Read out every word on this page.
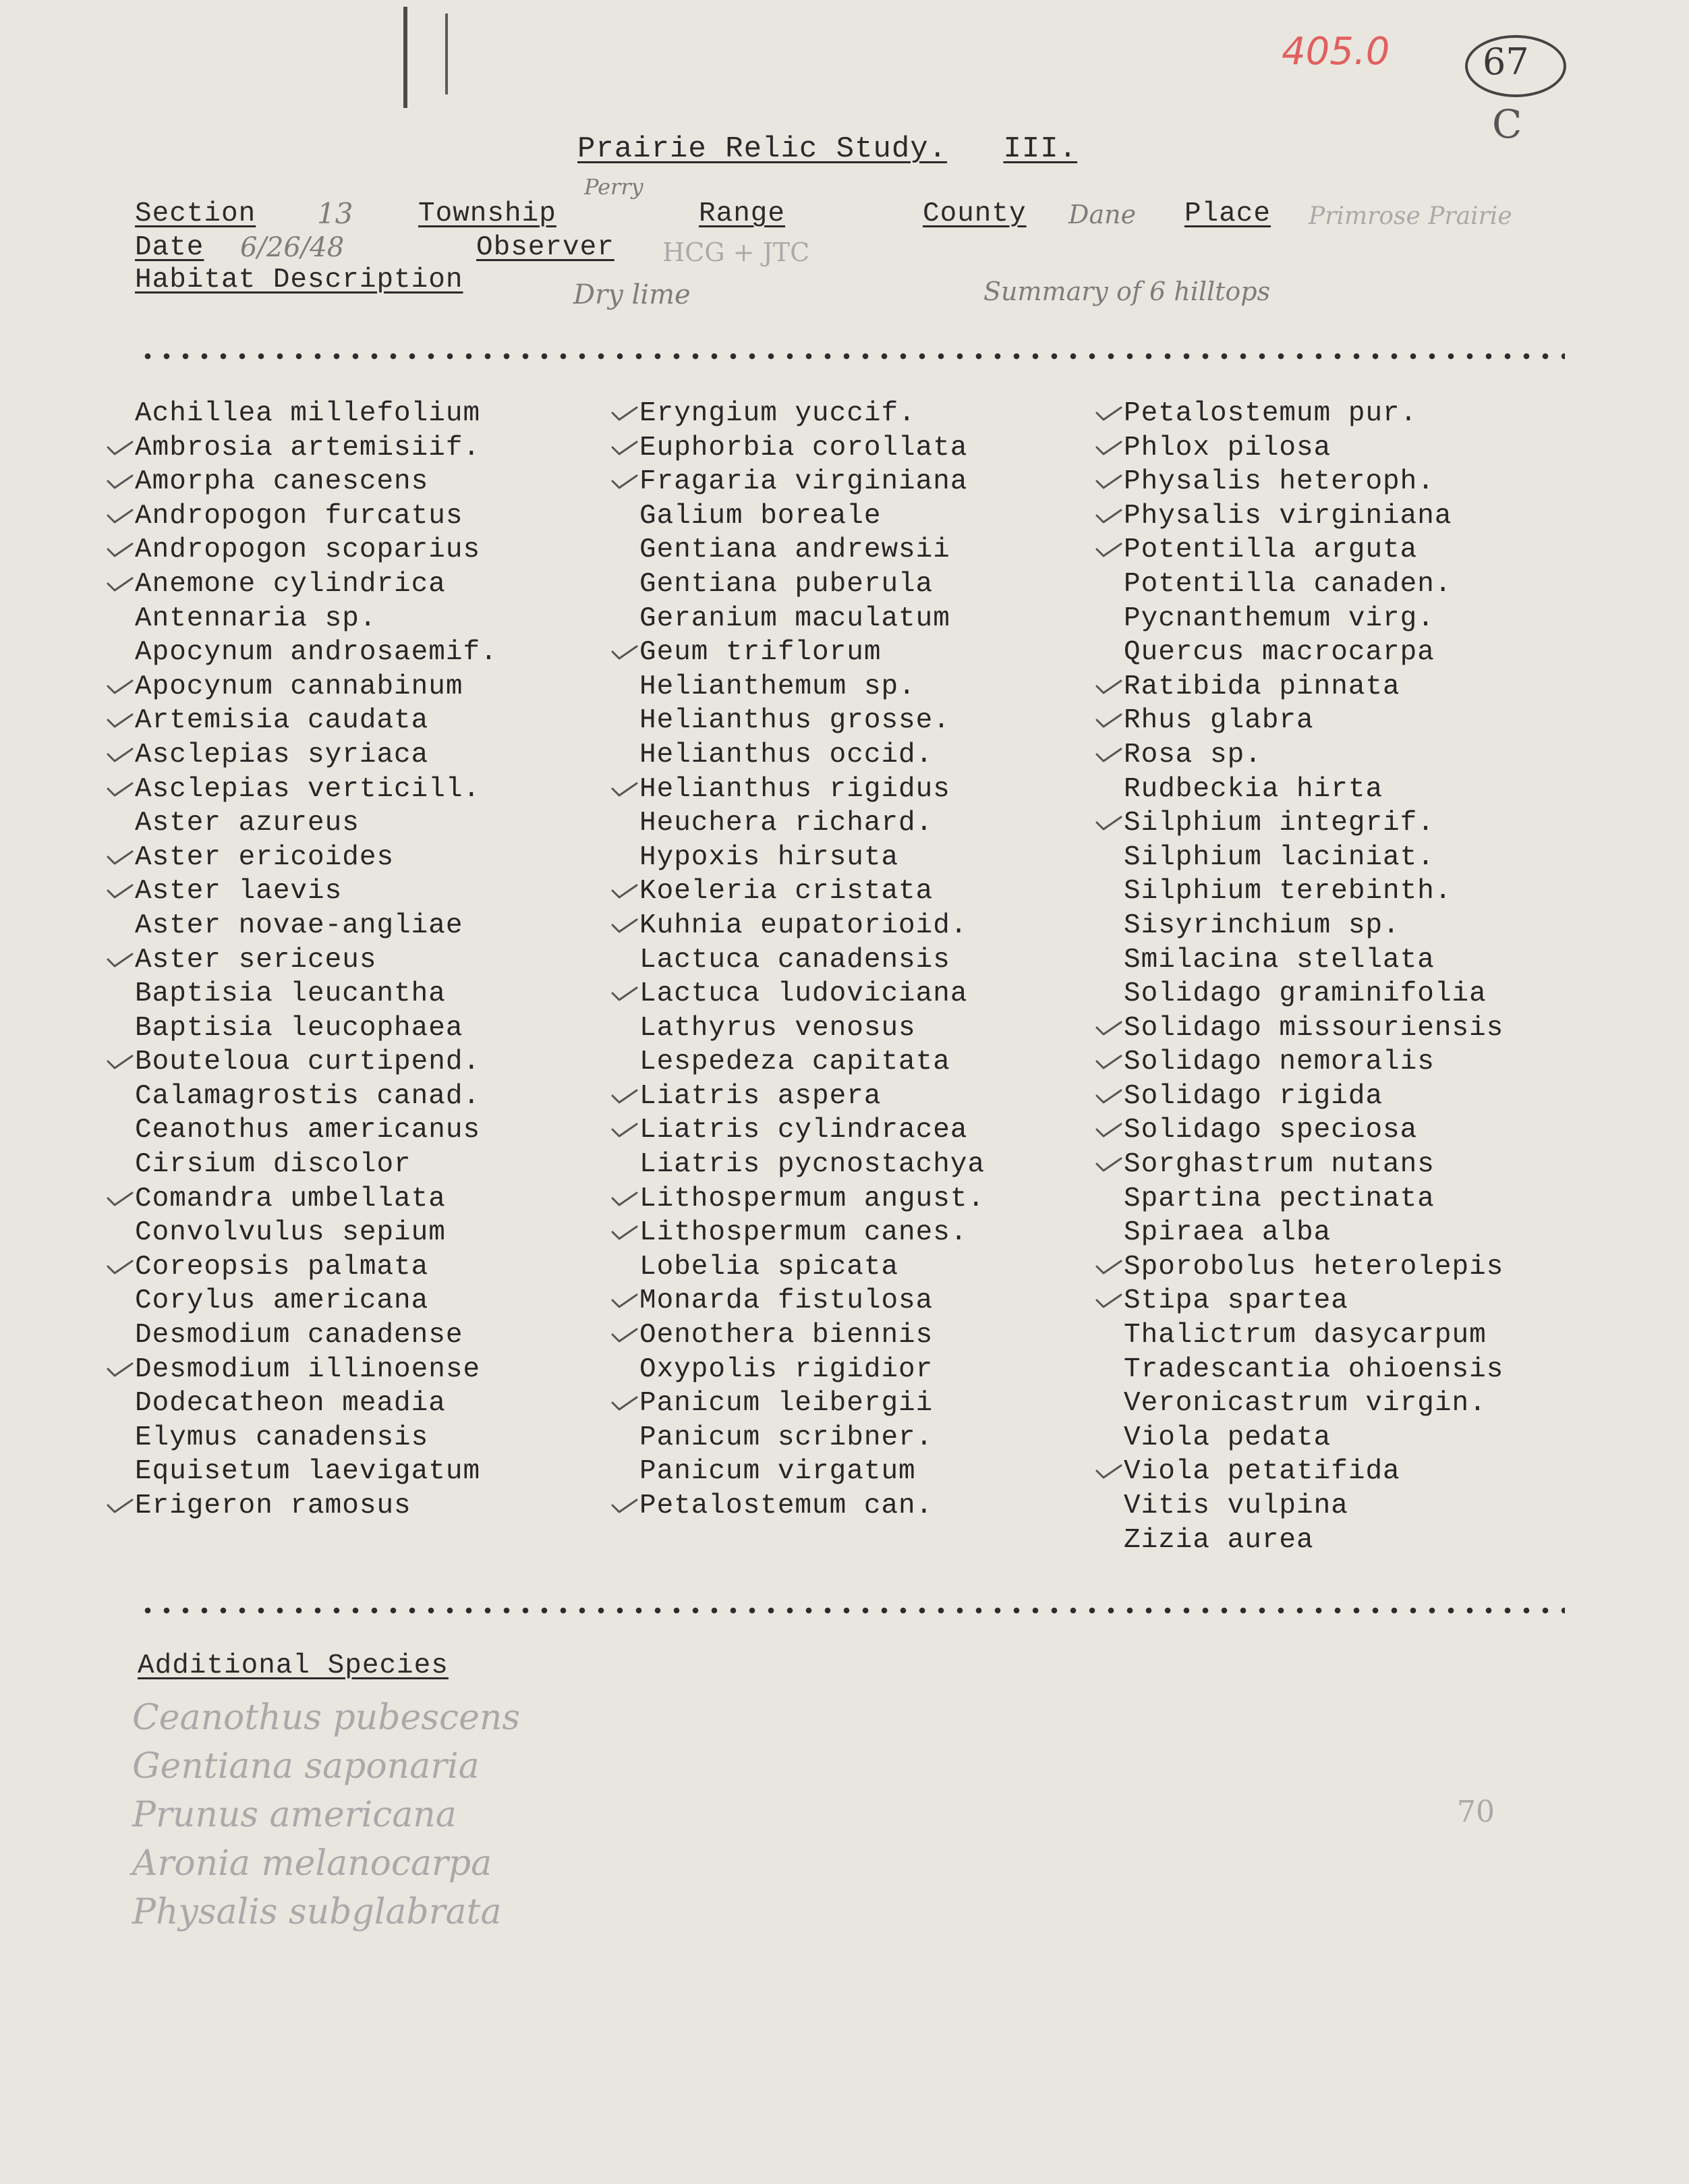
405.0	67
C
Prairie Relic Study. III.
Section 13
Perry
Township	Range	County Dane Place Primrose Prairie
Date 6/26/48	Observer HCG + JTC
Habitat Description	Dry lime	Summary of 6 hilltops
Achillea millefolium
Ambrosia artemisiif.
Amorpha canescens
Andropogon furcatus
Andropogon scoparius
Anemone cylindrica
Antennaria sp.
Apocynum androsaemif.
Apocynum cannabinum
Artemisia caudata
Asclepias syriaca
Asclepias verticill.
Aster azureus
Aster ericoides
Aster laevis
Aster novae-angliae
Aster sericeus
Baptisia leucantha
Baptisia leucophaea
Bouteloua curtipend.
Calamagrostis canad.
Ceanothus americanus
Cirsium discolor
Comandra umbellata
Convolvulus sepium
Coreopsis palmata
Corylus americana
Desmodium canadense
Desmodium illinoense
Dodecatheon meadia
Elymus canadensis
Equisetum laevigatum
Erigeron ramosus
Eryngium yuccif.
Euphorbia corollata
Fragaria virginiana
Galium boreale
Gentiana andrewsii
Gentiana puberula
Geranium maculatum
Geum triflorum
Helianthemum sp.
Helianthus grosse.
Helianthus occid.
Helianthus rigidus
Heuchera richard.
Hypoxis hirsuta
Koeleria cristata
Kuhnia eupatorioid.
Lactuca canadensis
Lactuca ludoviciana
Lathyrus venosus
Lespedeza capitata
Liatris aspera
Liatris cylindracea
Liatris pycnostachya
Lithospermum angust.
Lithospermum canes.
Lobelia spicata
Monarda fistulosa
Oenothera biennis
Oxypolis rigidior
Panicum leibergii
Panicum scribner.
Panicum virgatum
Petalostemum can.
Petalostemum pur.
Phlox pilosa
Physalis heteroph.
Physalis virginiana
Potentilla arguta
Potentilla canaden.
Pycnanthemum virg.
Quercus macrocarpa
Ratibida pinnata
Rhus glabra
Rosa sp.
Rudbeckia hirta
Silphium integrif.
Silphium laciniat.
Silphium terebinth.
Sisyrinchium sp.
Smilacina stellata
Solidago graminifolia
Solidago missouriensis
Solidago nemoralis
Solidago rigida
Solidago speciosa
Sorghastrum nutans
Spartina pectinata
Spiraea alba
Sporobolus heterolepis
Stipa spartea
Thalictrum dasycarpum
Tradescantia ohioensis
Veronicastrum virgin.
Viola pedata
Viola petatifida
Vitis vulpina
Zizia aurea
Additional Species
Ceanothus pubescens
Gentiana saponaria
Prunus americana
Aronia melanocarpa
Physalis subglabrata
70
